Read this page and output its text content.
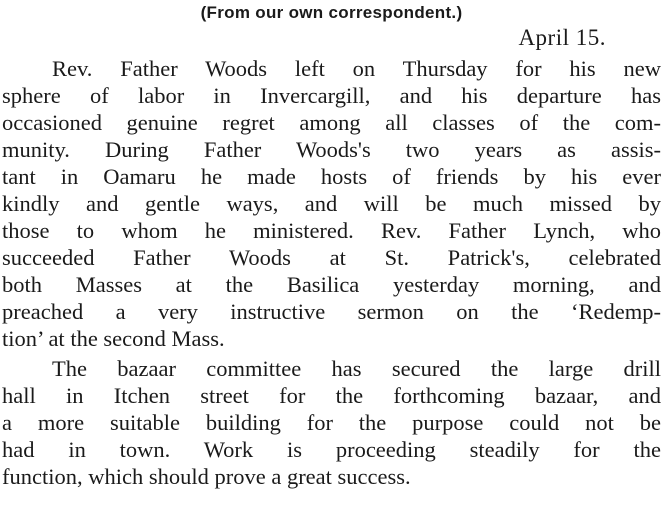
(From our own correspondent.)
April 15.
Rev. Father Woods left on Thursday for his new
sphere of labor in Invercargill, and his departure has
occasioned genuine regret among all classes of the com-
munity. During Father Woods's two years as assis-
tant in Oamaru he made hosts of friends by his ever
kindly and gentle ways, and will be much missed by
those to whom he ministered. Rev. Father Lynch, who
succeeded Father Woods at St. Patrick's, celebrated
both Masses at the Basilica yesterday morning, and
preached a very instructive sermon on the ‘Redemp-
tion’ at the second Mass.
The bazaar committee has secured the large drill
hall in Itchen street for the forthcoming bazaar, and
a more suitable building for the purpose could not be
had in town. Work is proceeding steadily for the
function, which should prove a great success.
